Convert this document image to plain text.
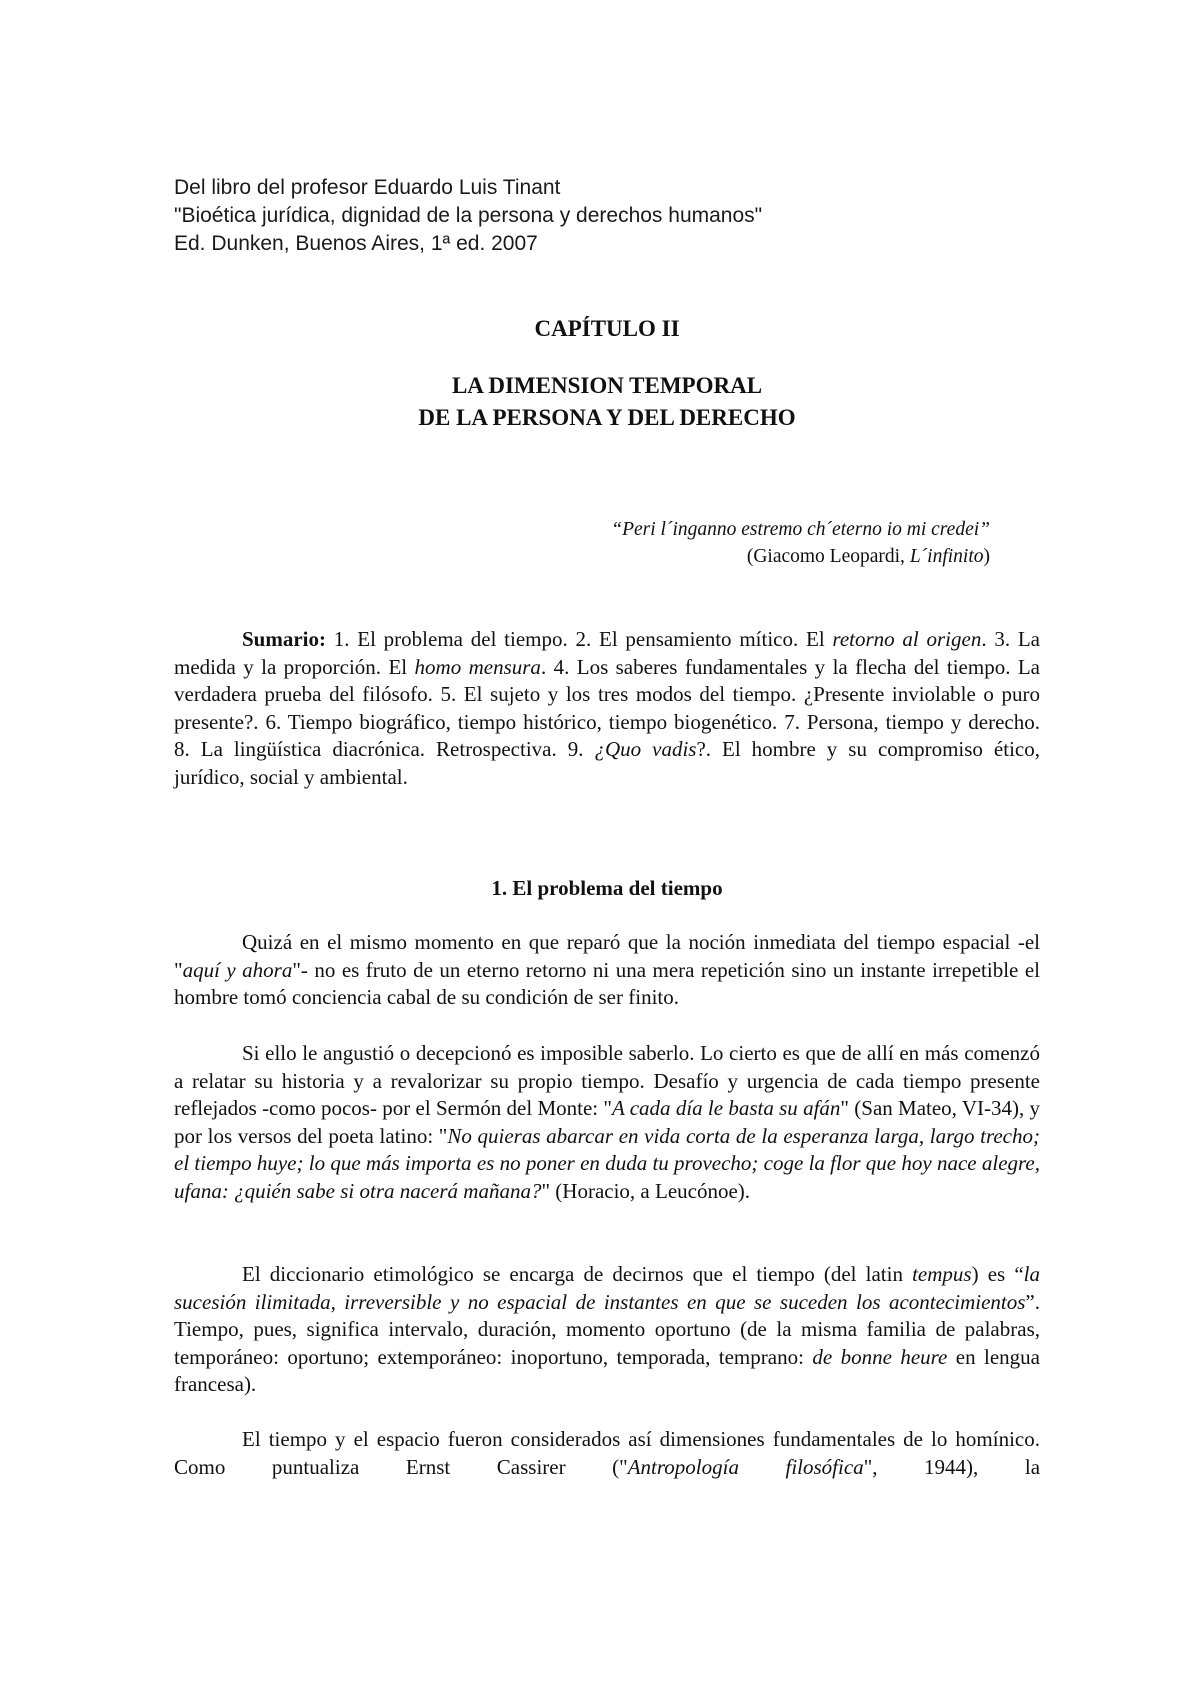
Del libro del profesor Eduardo Luis Tinant
"Bioética jurídica, dignidad de la persona y derechos humanos"
Ed. Dunken, Buenos Aires, 1ª ed. 2007
CAPÍTULO II
LA DIMENSION TEMPORAL
DE LA PERSONA Y DEL DERECHO
“Peri l´inganno estremo ch´eterno io mi credei”
(Giacomo Leopardi, L´infinito)
Sumario: 1. El problema del tiempo. 2. El pensamiento mítico. El retorno al origen. 3. La medida y la proporción. El homo mensura. 4. Los saberes fundamentales y la flecha del tiempo. La verdadera prueba del filósofo. 5. El sujeto y los tres modos del tiempo. ¿Presente inviolable o puro presente?. 6. Tiempo biográfico, tiempo histórico, tiempo biogenético. 7. Persona, tiempo y derecho. 8. La lingüística diacrónica. Retrospectiva. 9. ¿Quo vadis?. El hombre y su compromiso ético, jurídico, social y ambiental.
1. El problema del tiempo
Quizá en el mismo momento en que reparó que la noción inmediata del tiempo espacial -el "aquí y ahora"- no es fruto de un eterno retorno ni una mera repetición sino un instante irrepetible el hombre tomó conciencia cabal de su condición de ser finito.
Si ello le angustió o decepcionó es imposible saberlo. Lo cierto es que de allí en más comenzó a relatar su historia y a revalorizar su propio tiempo. Desafío y urgencia de cada tiempo presente reflejados -como pocos- por el Sermón del Monte: "A cada día le basta su afán" (San Mateo, VI-34), y por los versos del poeta latino: "No quieras abarcar en vida corta de la esperanza larga, largo trecho; el tiempo huye; lo que más importa es no poner en duda tu provecho; coge la flor que hoy nace alegre, ufana: ¿quién sabe si otra nacerá mañana?" (Horacio, a Leucónoe).
El diccionario etimológico se encarga de decirnos que el tiempo (del latin tempus) es “la sucesión ilimitada, irreversible y no espacial de instantes en que se suceden los acontecimientos”. Tiempo, pues, significa intervalo, duración, momento oportuno (de la misma familia de palabras, temporáneo: oportuno; extemporáneo: inoportuno, temporada, temprano: de bonne heure en lengua francesa).
El tiempo y el espacio fueron considerados así dimensiones fundamentales de lo homínico. Como puntualiza Ernst Cassirer ("Antropología filosófica", 1944), la
